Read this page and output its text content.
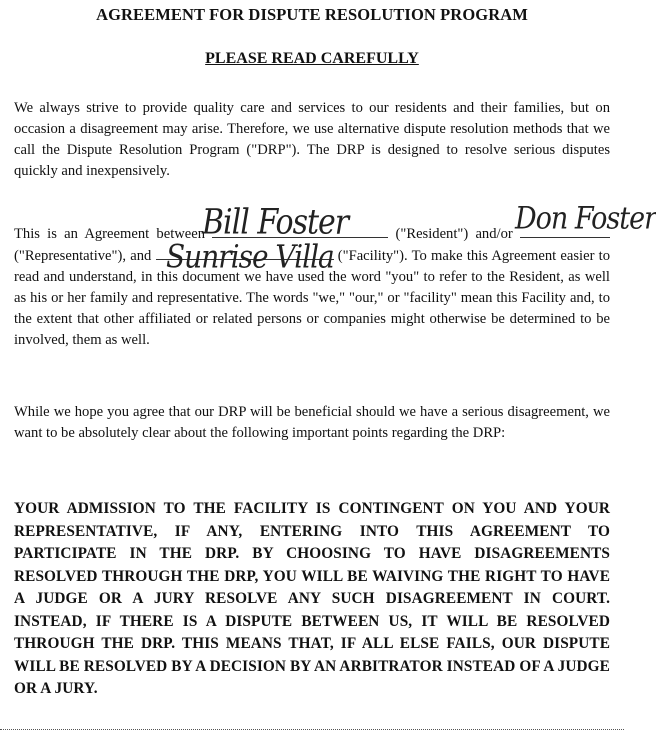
AGREEMENT FOR DISPUTE RESOLUTION PROGRAM
PLEASE READ CAREFULLY
We always strive to provide quality care and services to our residents and their families, but on occasion a disagreement may arise. Therefore, we use alternative dispute resolution methods that we call the Dispute Resolution Program ("DRP"). The DRP is designed to resolve serious disputes quickly and inexpensively.
This is an Agreement between	("Resident") and/or  ("Representative"), and	("Facility"). To make this Agreement easier to read and understand, in this document we have used the word "you" to refer to the Resident, as well as his or her family and representative. The words "we," "our," or "facility" mean this Facility and, to the extent that other affiliated or related persons or companies might otherwise be determined to be involved, them as well.
Bill Foster	Don Foster
Sunrise Villa
While we hope you agree that our DRP will be beneficial should we have a serious disagreement, we want to be absolutely clear about the following important points regarding the DRP:
YOUR ADMISSION TO THE FACILITY IS CONTINGENT ON YOU AND YOUR REPRESENTATIVE, IF ANY, ENTERING INTO THIS AGREEMENT TO PARTICIPATE IN THE DRP. BY CHOOSING TO HAVE DISAGREEMENTS RESOLVED THROUGH THE DRP, YOU WILL BE WAIVING THE RIGHT TO HAVE A JUDGE OR A JURY RESOLVE ANY SUCH DISAGREEMENT IN COURT. INSTEAD, IF THERE IS A DISPUTE BETWEEN US, IT WILL BE RESOLVED THROUGH THE DRP. THIS MEANS THAT, IF ALL ELSE FAILS, OUR DISPUTE WILL BE RESOLVED BY A DECISION BY AN ARBITRATOR INSTEAD OF A JUDGE OR A JURY.
